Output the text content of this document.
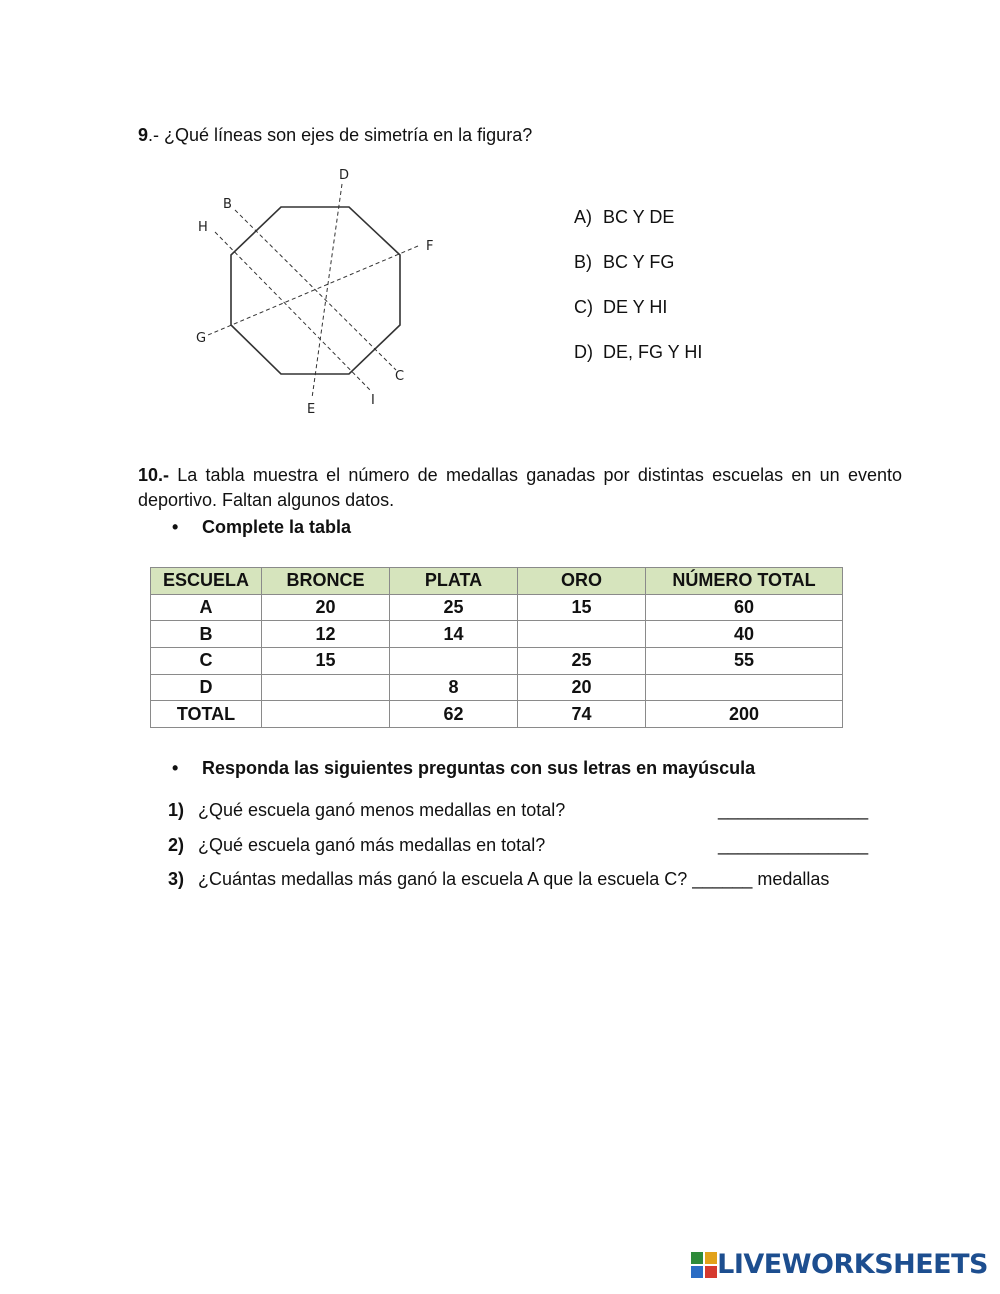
9.- ¿Qué líneas son ejes de simetría en la figura?
D
B
H
F
G
C
I
E
A) BC Y DE
B) BC Y FG
C) DE Y HI
D) DE, FG Y HI
10.- La tabla muestra el número de medallas ganadas por distintas escuelas en un evento deportivo. Faltan algunos datos.
• Complete la tabla
ESCUELA	BRONCE	PLATA	ORO	NÚMERO TOTAL
A	20	25	15	60
B	12	14		40
C	15		25	55
D		8	20	
TOTAL		62	74	200
• Responda las siguientes preguntas con sus letras en mayúscula
1) ¿Qué escuela ganó menos medallas en total?	_______________
2) ¿Qué escuela ganó más medallas en total?	_______________
3) ¿Cuántas medallas más ganó la escuela A que la escuela C? ______ medallas
LIVEWORKSHEETS
